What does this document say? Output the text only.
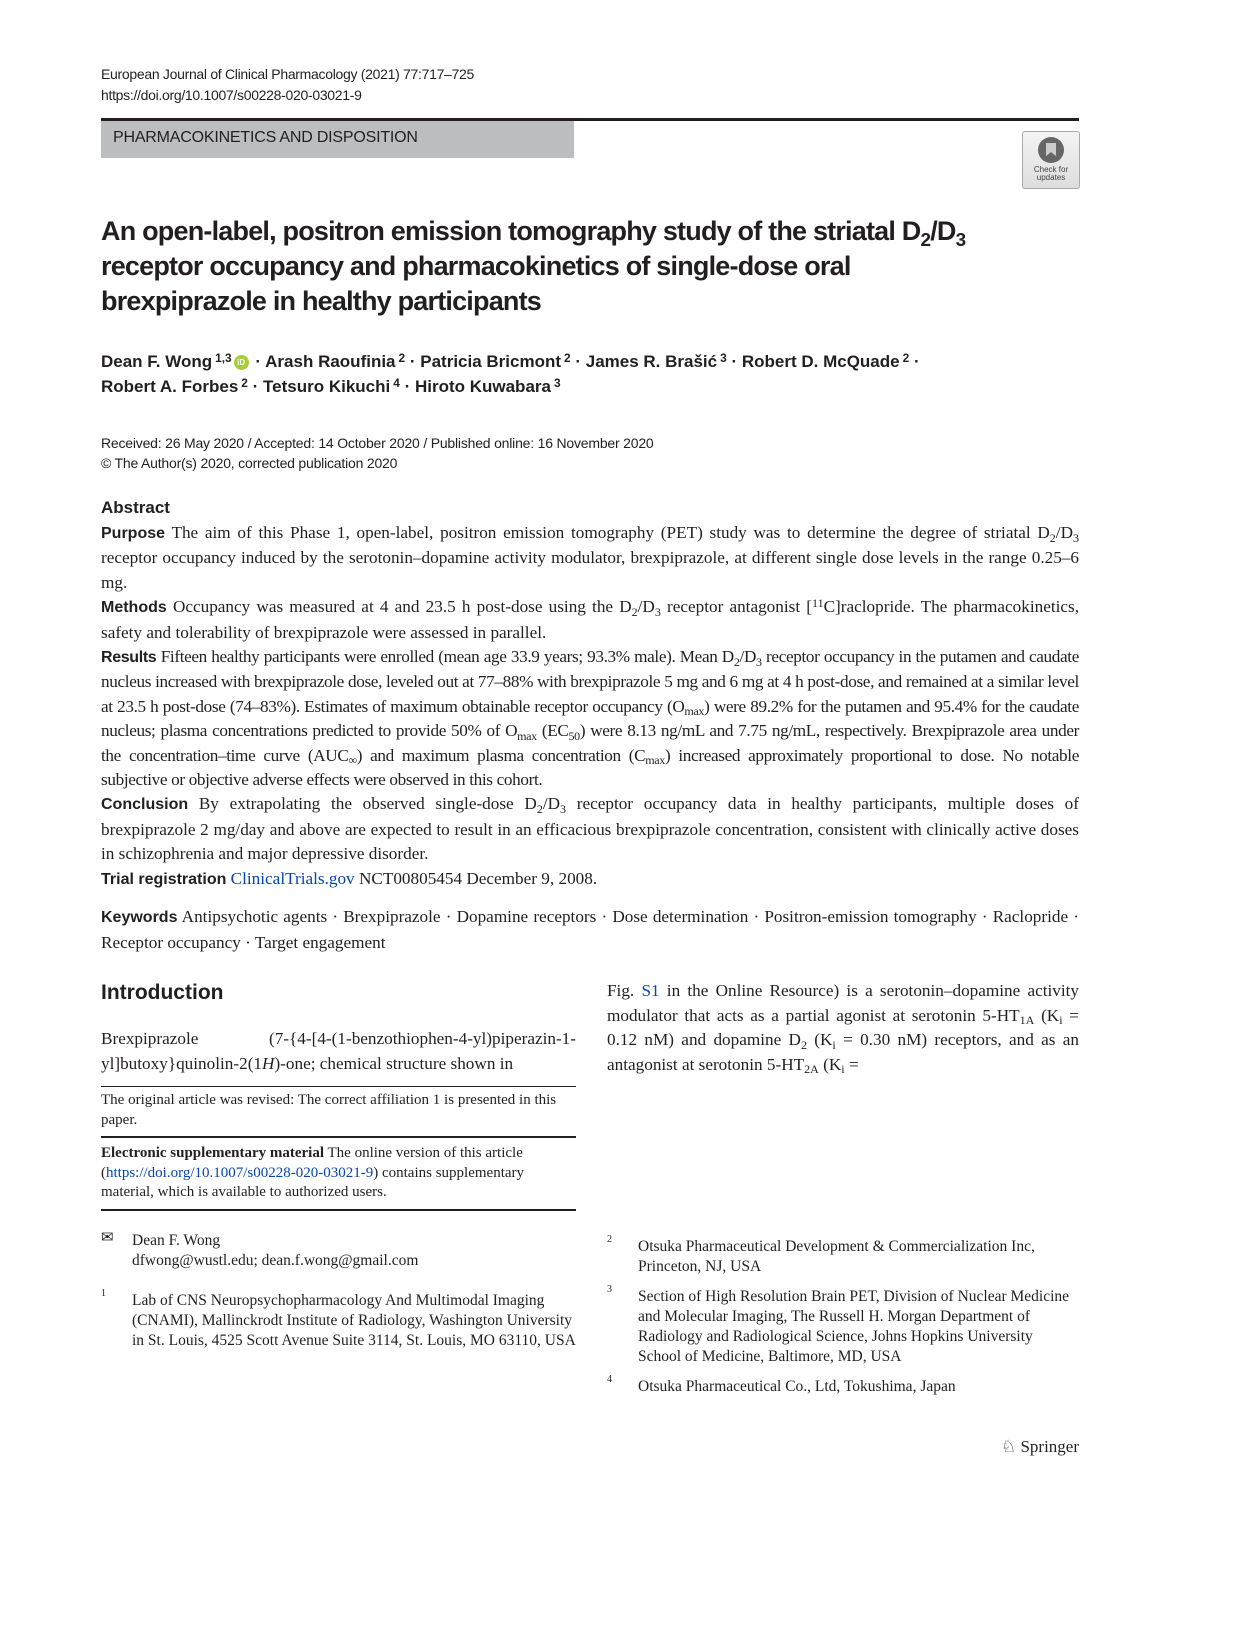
European Journal of Clinical Pharmacology (2021) 77:717–725
https://doi.org/10.1007/s00228-020-03021-9
PHARMACOKINETICS AND DISPOSITION
Check for updates
An open-label, positron emission tomography study of the striatal $D_2/D_3$ receptor occupancy and pharmacokinetics of single-dose oral brexpiprazole in healthy participants
Dean F. Wong $^{1,3}$ iD · Arash Raoufinia $^2$ · Patricia Bricmont $^2$ · James R. Brašić $^3$ · Robert D. McQuade $^2$ ·
Robert A. Forbes $^2$ · Tetsuro Kikuchi $^4$ · Hiroto Kuwabara $^3$
Received: 26 May 2020 / Accepted: 14 October 2020 / Published online: 16 November 2020
© The Author(s) 2020, corrected publication 2020
Abstract

Purpose The aim of this Phase 1, open-label, positron emission tomography (PET) study was to determine the degree of striatal $D_2/D_3$ receptor occupancy induced by the serotonin–dopamine activity modulator, brexpiprazole, at different single dose levels in the range 0.25–6 mg.

Methods Occupancy was measured at 4 and 23.5 h post-dose using the $D_2/D_3$ receptor antagonist [$^{11}$C]raclopride. The pharmacokinetics, safety and tolerability of brexpiprazole were assessed in parallel.

Results Fifteen healthy participants were enrolled (mean age 33.9 years; 93.3% male). Mean $D_2/D_3$ receptor occupancy in the putamen and caudate nucleus increased with brexpiprazole dose, leveled out at 77–88% with brexpiprazole 5 mg and 6 mg at 4 h post-dose, and remained at a similar level at 23.5 h post-dose (74–83%). Estimates of maximum obtainable receptor occupancy $(O_{max})$ were 89.2% for the putamen and 95.4% for the caudate nucleus; plasma concentrations predicted to provide 50% of $O_{max}$ $(EC_{50})$ were 8.13 ng/mL and 7.75 ng/mL, respectively. Brexpiprazole area under the concentration–time curve $(AUC_\infty)$ and maximum plasma concentration $(C_{max})$ increased approximately proportional to dose. No notable subjective or objective adverse effects were observed in this cohort.

Conclusion By extrapolating the observed single-dose $D_2/D_3$ receptor occupancy data in healthy participants, multiple doses of brexpiprazole 2 mg/day and above are expected to result in an efficacious brexpiprazole concentration, consistent with clinically active doses in schizophrenia and major depressive disorder.

Trial registration ClinicalTrials.gov NCT00805454 December 9, 2008.

Keywords Antipsychotic agents · Brexpiprazole · Dopamine receptors · Dose determination · Positron-emission tomography · Raclopride · Receptor occupancy · Target engagement
Introduction
Brexpiprazole (7-{4-[4-(1-benzothiophen-4-yl)piperazin-1-yl]butoxy}quinolin-2(1H)-one; chemical structure shown in
The original article was revised: The correct affiliation 1 is presented in this paper.
Electronic supplementary material The online version of this article (https://doi.org/10.1007/s00228-020-03021-9) contains supplementary material, which is available to authorized users.
✉ Dean F. Wong
dfwong@wustl.edu; dean.f.wong@gmail.com
1 Lab of CNS Neuropsychopharmacology And Multimodal Imaging (CNAMI), Mallinckrodt Institute of Radiology, Washington University in St. Louis, 4525 Scott Avenue Suite 3114, St. Louis, MO 63110, USA
Fig. S1 in the Online Resource) is a serotonin–dopamine activity modulator that acts as a partial agonist at serotonin $5-HT_{1A}$ ($K_i = 0.12$ nM) and dopamine $D_2$ ($K_i = 0.30$ nM) receptors, and as an antagonist at serotonin $5-HT_{2A}$ ($K_i$ =
2 Otsuka Pharmaceutical Development & Commercialization Inc, Princeton, NJ, USA
3 Section of High Resolution Brain PET, Division of Nuclear Medicine and Molecular Imaging, The Russell H. Morgan Department of Radiology and Radiological Science, Johns Hopkins University School of Medicine, Baltimore, MD, USA
4 Otsuka Pharmaceutical Co., Ltd, Tokushima, Japan
♘ Springer
